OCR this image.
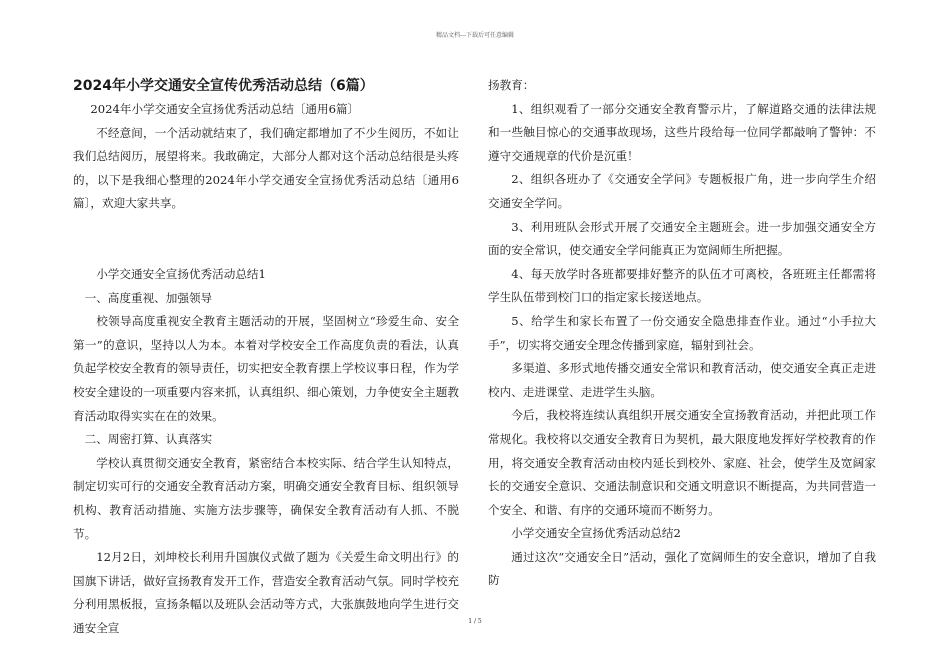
精品文档---下载后可任意编辑

2024年小学交通安全宣传优秀活动总结（6篇）

2024年小学交通安全宣扬优秀活动总结〔通用6篇〕

不经意间，一个活动就结束了，我们确定都增加了不少生阅历，不如让我们总结阅历，展望将来。我敢确定，大部分人都对这个活动总结很是头疼的，以下是我细心整理的2024年小学交通安全宣扬优秀活动总结〔通用6篇〕，欢迎大家共享。

小学交通安全宣扬优秀活动总结1

一、高度重视、加强领导

校领导高度重视安全教育主题活动的开展，坚固树立“珍爱生命、安全第一”的意识，坚持以人为本。本着对学校安全工作高度负责的看法，认真负起学校安全教育的领导责任，切实把安全教育摆上学校议事日程，作为学校安全建设的一项重要内容来抓，认真组织、细心策划，力争使安全主题教育活动取得实实在在的效果。

二、周密打算、认真落实

学校认真贯彻交通安全教育，紧密结合本校实际、结合学生认知特点，制定切实可行的交通安全教育活动方案，明确交通安全教育目标、组织领导机构、教育活动措施、实施方法步骤等，确保安全教育活动有人抓、不脱节。

12月2日，刘坤校长利用升国旗仪式做了题为《关爱生命文明出行》的国旗下讲话，做好宣扬教育发开工作，营造安全教育活动气氛。同时学校充分利用黑板报，宣扬条幅以及班队会活动等方式，大张旗鼓地向学生进行交通安全宣

扬教育：

1、组织观看了一部分交通安全教育警示片，了解道路交通的法律法规和一些触目惊心的交通事故现场，这些片段给每一位同学都敲响了警钟：不遵守交通规章的代价是沉重！

2、组织各班办了《交通安全学问》专题板报广角，进一步向学生介绍交通安全学问。

3、利用班队会形式开展了交通安全主题班会。进一步加强交通安全方面的安全常识，使交通安全学问能真正为宽阔师生所把握。

4、每天放学时各班都要排好整齐的队伍才可离校，各班班主任都需将学生队伍带到校门口的指定家长接送地点。

5、给学生和家长布置了一份交通安全隐患排查作业。通过“小手拉大手”，切实将交通安全理念传播到家庭，辐射到社会。

多渠道、多形式地传播交通安全常识和教育活动，使交通安全真正走进校内、走进课堂、走进学生头脑。

今后，我校将连续认真组织开展交通安全宣扬教育活动，并把此项工作常规化。我校将以交通安全教育日为契机，最大限度地发挥好学校教育的作用，将交通安全教育活动由校内延长到校外、家庭、社会，使学生及宽阔家长的交通安全意识、交通法制意识和交通文明意识不断提高，为共同营造一个安全、和谐、有序的交通环境而不断努力。

小学交通安全宣扬优秀活动总结2

通过这次“交通安全日”活动，强化了宽阔师生的安全意识，增加了自我防

1 / 5
